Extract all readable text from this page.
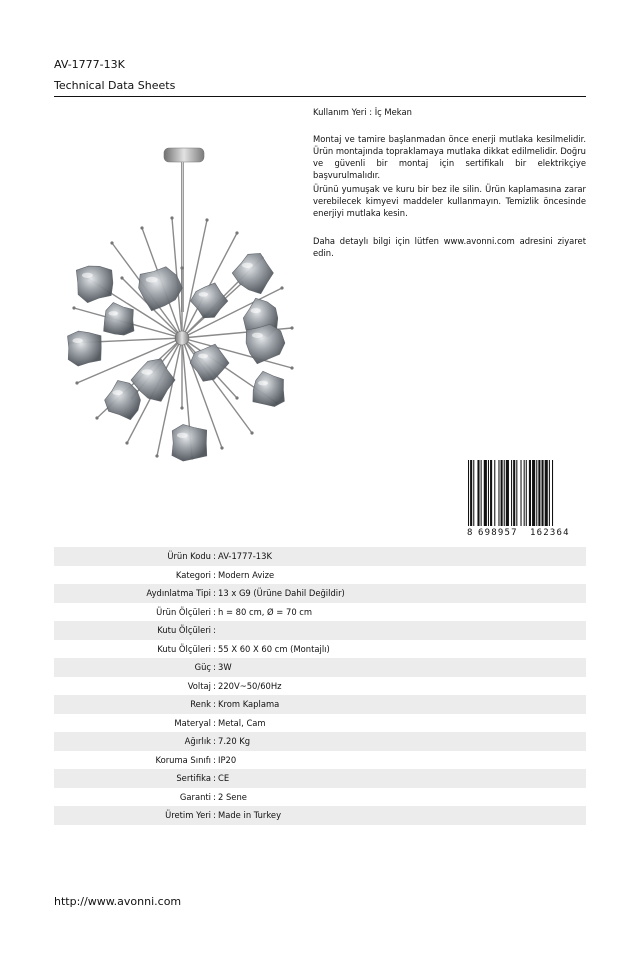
AV-1777-13K
Technical Data Sheets
Kullanım Yeri : İç Mekan
Montaj ve tamire başlanmadan önce enerji mutlaka kesilmelidir. Ürün montajında topraklamaya mutlaka dikkat edilmelidir. Doğru ve güvenli bir montaj için sertifikalı bir elektrikçiye başvurulmalıdır.
Ürünü yumuşak ve kuru bir bez ile silin. Ürün kaplamasına zarar verebilecek kimyevi maddeler kullanmayın. Temizlik öncesinde enerjiyi mutlaka kesin.
Daha detaylı bilgi için lütfen www.avonni.com adresini ziyaret edin.
8 698957 162364
Ürün Kodu : AV-1777-13K
Kategori : Modern Avize
Aydınlatma Tipi : 13 x G9 (Ürüne Dahil Değildir)
Ürün Ölçüleri : h = 80 cm, Ø = 70 cm
Kutu Ölçüleri :
Kutu Ölçüleri : 55 X 60 X 60 cm (Montajlı)
Güç : 3W
Voltaj : 220V~50/60Hz
Renk : Krom Kaplama
Materyal : Metal, Cam
Ağırlık : 7.20 Kg
Koruma Sınıfı : IP20
Sertifika : CE
Garanti : 2 Sene
Üretim Yeri : Made in Turkey
http://www.avonni.com
